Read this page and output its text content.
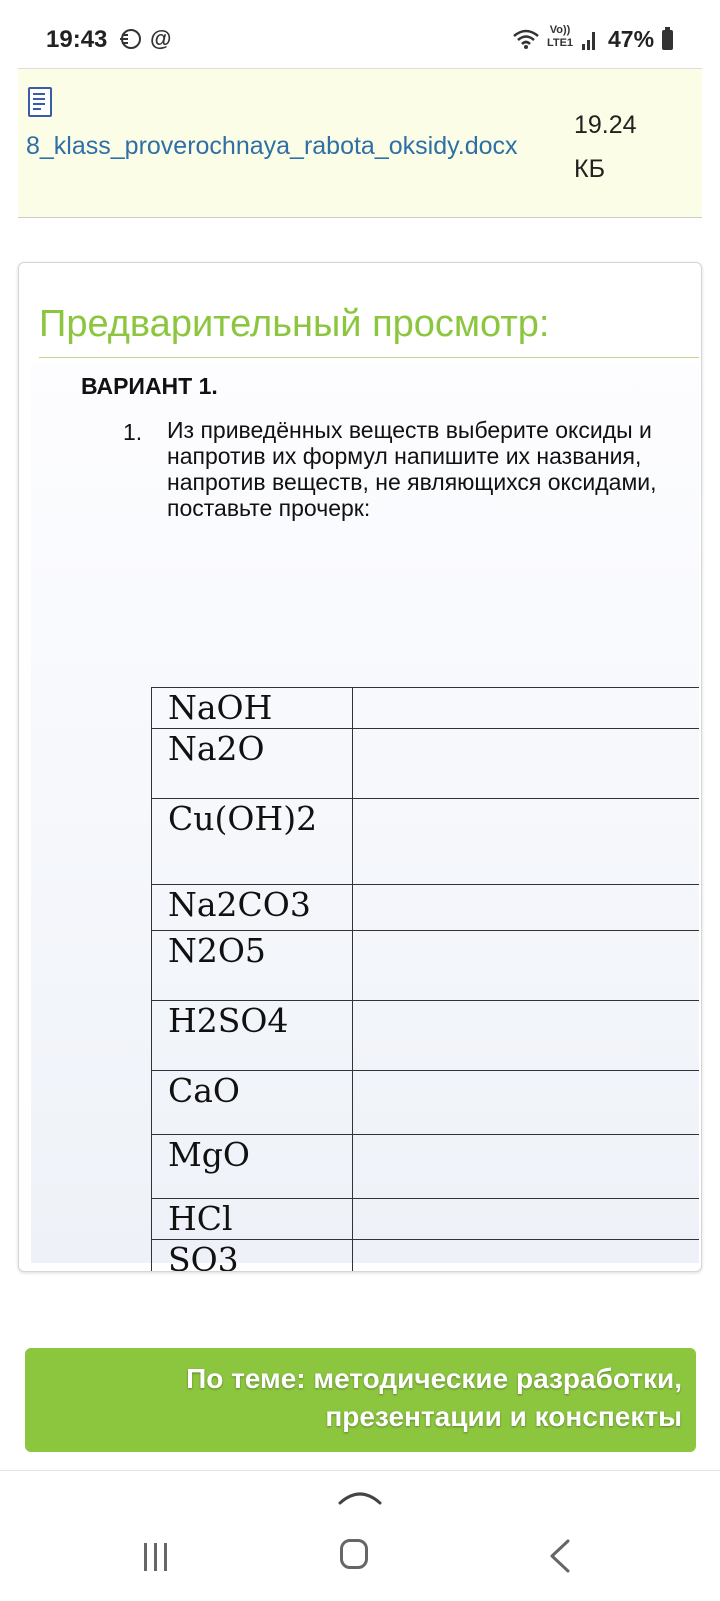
19:43 @	Vo)) LTE1	47%
8_klass_proverochnaya_rabota_oksidy.docx
19.24
КБ
Предварительный просмотр:
ВАРИАНТ 1.
1. Из приведённых веществ выберите оксиды и напротив их формул напишите их названия, напротив веществ, не являющихся оксидами, поставьте прочерк:
NaOH	
Na2O	
Cu(OH)2	
Na2CO3	
N2O5	
H2SO4	
CaO	
MgO	
HCl	
SO3	
По теме: методические разработки,
презентации и конспекты
